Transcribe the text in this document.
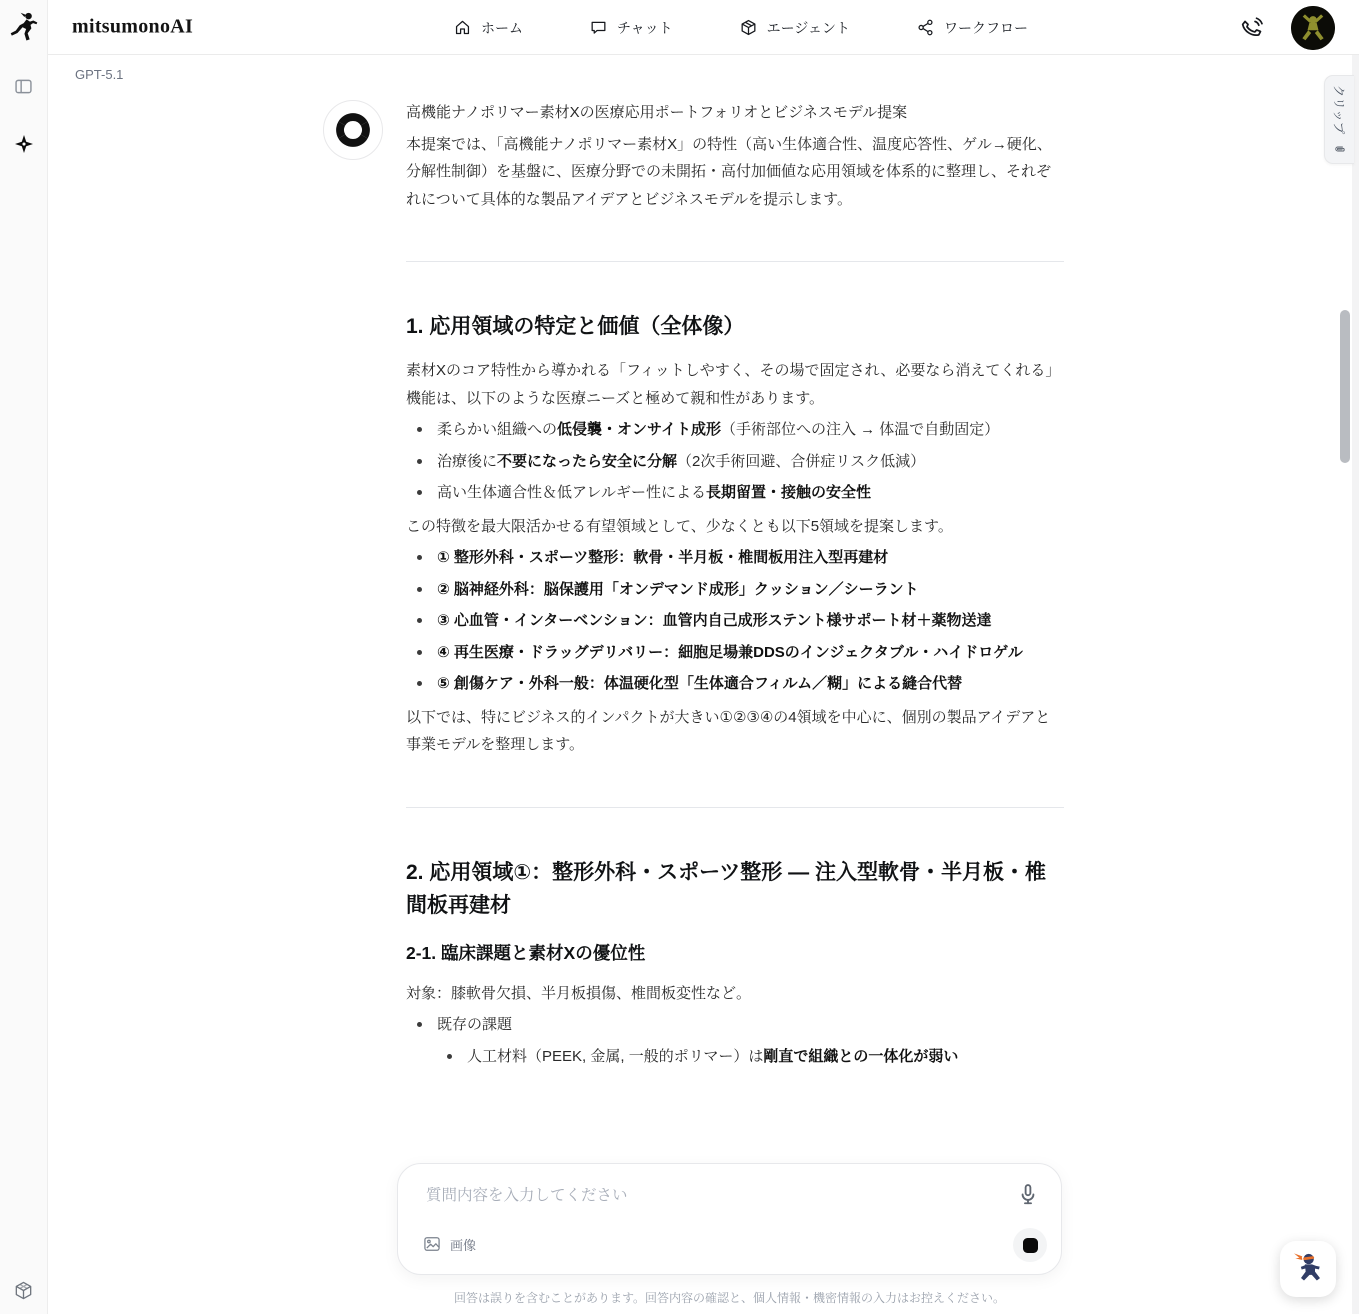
mitsumonoAI	ホーム	チャット	エージェント	ワークフロー
クリップ
GPT-5.1

高機能ナノポリマー素材Xの医療応用ポートフォリオとビジネスモデル提案

本提案では、「高機能ナノポリマー素材X」の特性（高い生体適合性、温度応答性、ゲル→硬化、分解性制御）を基盤に、医療分野での未開拓・高付加価値な応用領域を体系的に整理し、それぞれについて具体的な製品アイデアとビジネスモデルを提示します。

1. 応用領域の特定と価値（全体像）

素材Xのコア特性から導かれる「フィットしやすく、その場で固定され、必要なら消えてくれる」機能は、以下のような医療ニーズと極めて親和性があります。

柔らかい組織への低侵襲・オンサイト成形（手術部位への注入 → 体温で自動固定）
治療後に不要になったら安全に分解（2次手術回避、合併症リスク低減）
高い生体適合性＆低アレルギー性による長期留置・接触の安全性

この特徴を最大限活かせる有望領域として、少なくとも以下5領域を提案します。

① 整形外科・スポーツ整形：軟骨・半月板・椎間板用注入型再建材
② 脳神経外科：脳保護用「オンデマンド成形」クッション／シーラント
③ 心血管・インターベンション：血管内自己成形ステント様サポート材＋薬物送達
④ 再生医療・ドラッグデリバリー：細胞足場兼DDSのインジェクタブル・ハイドロゲル
⑤ 創傷ケア・外科一般：体温硬化型「生体適合フィルム／糊」による縫合代替

以下では、特にビジネス的インパクトが大きい①②③④の4領域を中心に、個別の製品アイデアと事業モデルを整理します。

2. 応用領域①：整形外科・スポーツ整形 — 注入型軟骨・半月板・椎間板再建材
2-1. 臨床課題と素材Xの優位性

対象：膝軟骨欠損、半月板損傷、椎間板変性など。

既存の課題
人工材料（PEEK, 金属, 一般的ポリマー）は剛直で組織との一体化が弱い
質問内容を入力してください
画像
回答は誤りを含むことがあります。回答内容の確認と、個人情報・機密情報の入力はお控えください。
